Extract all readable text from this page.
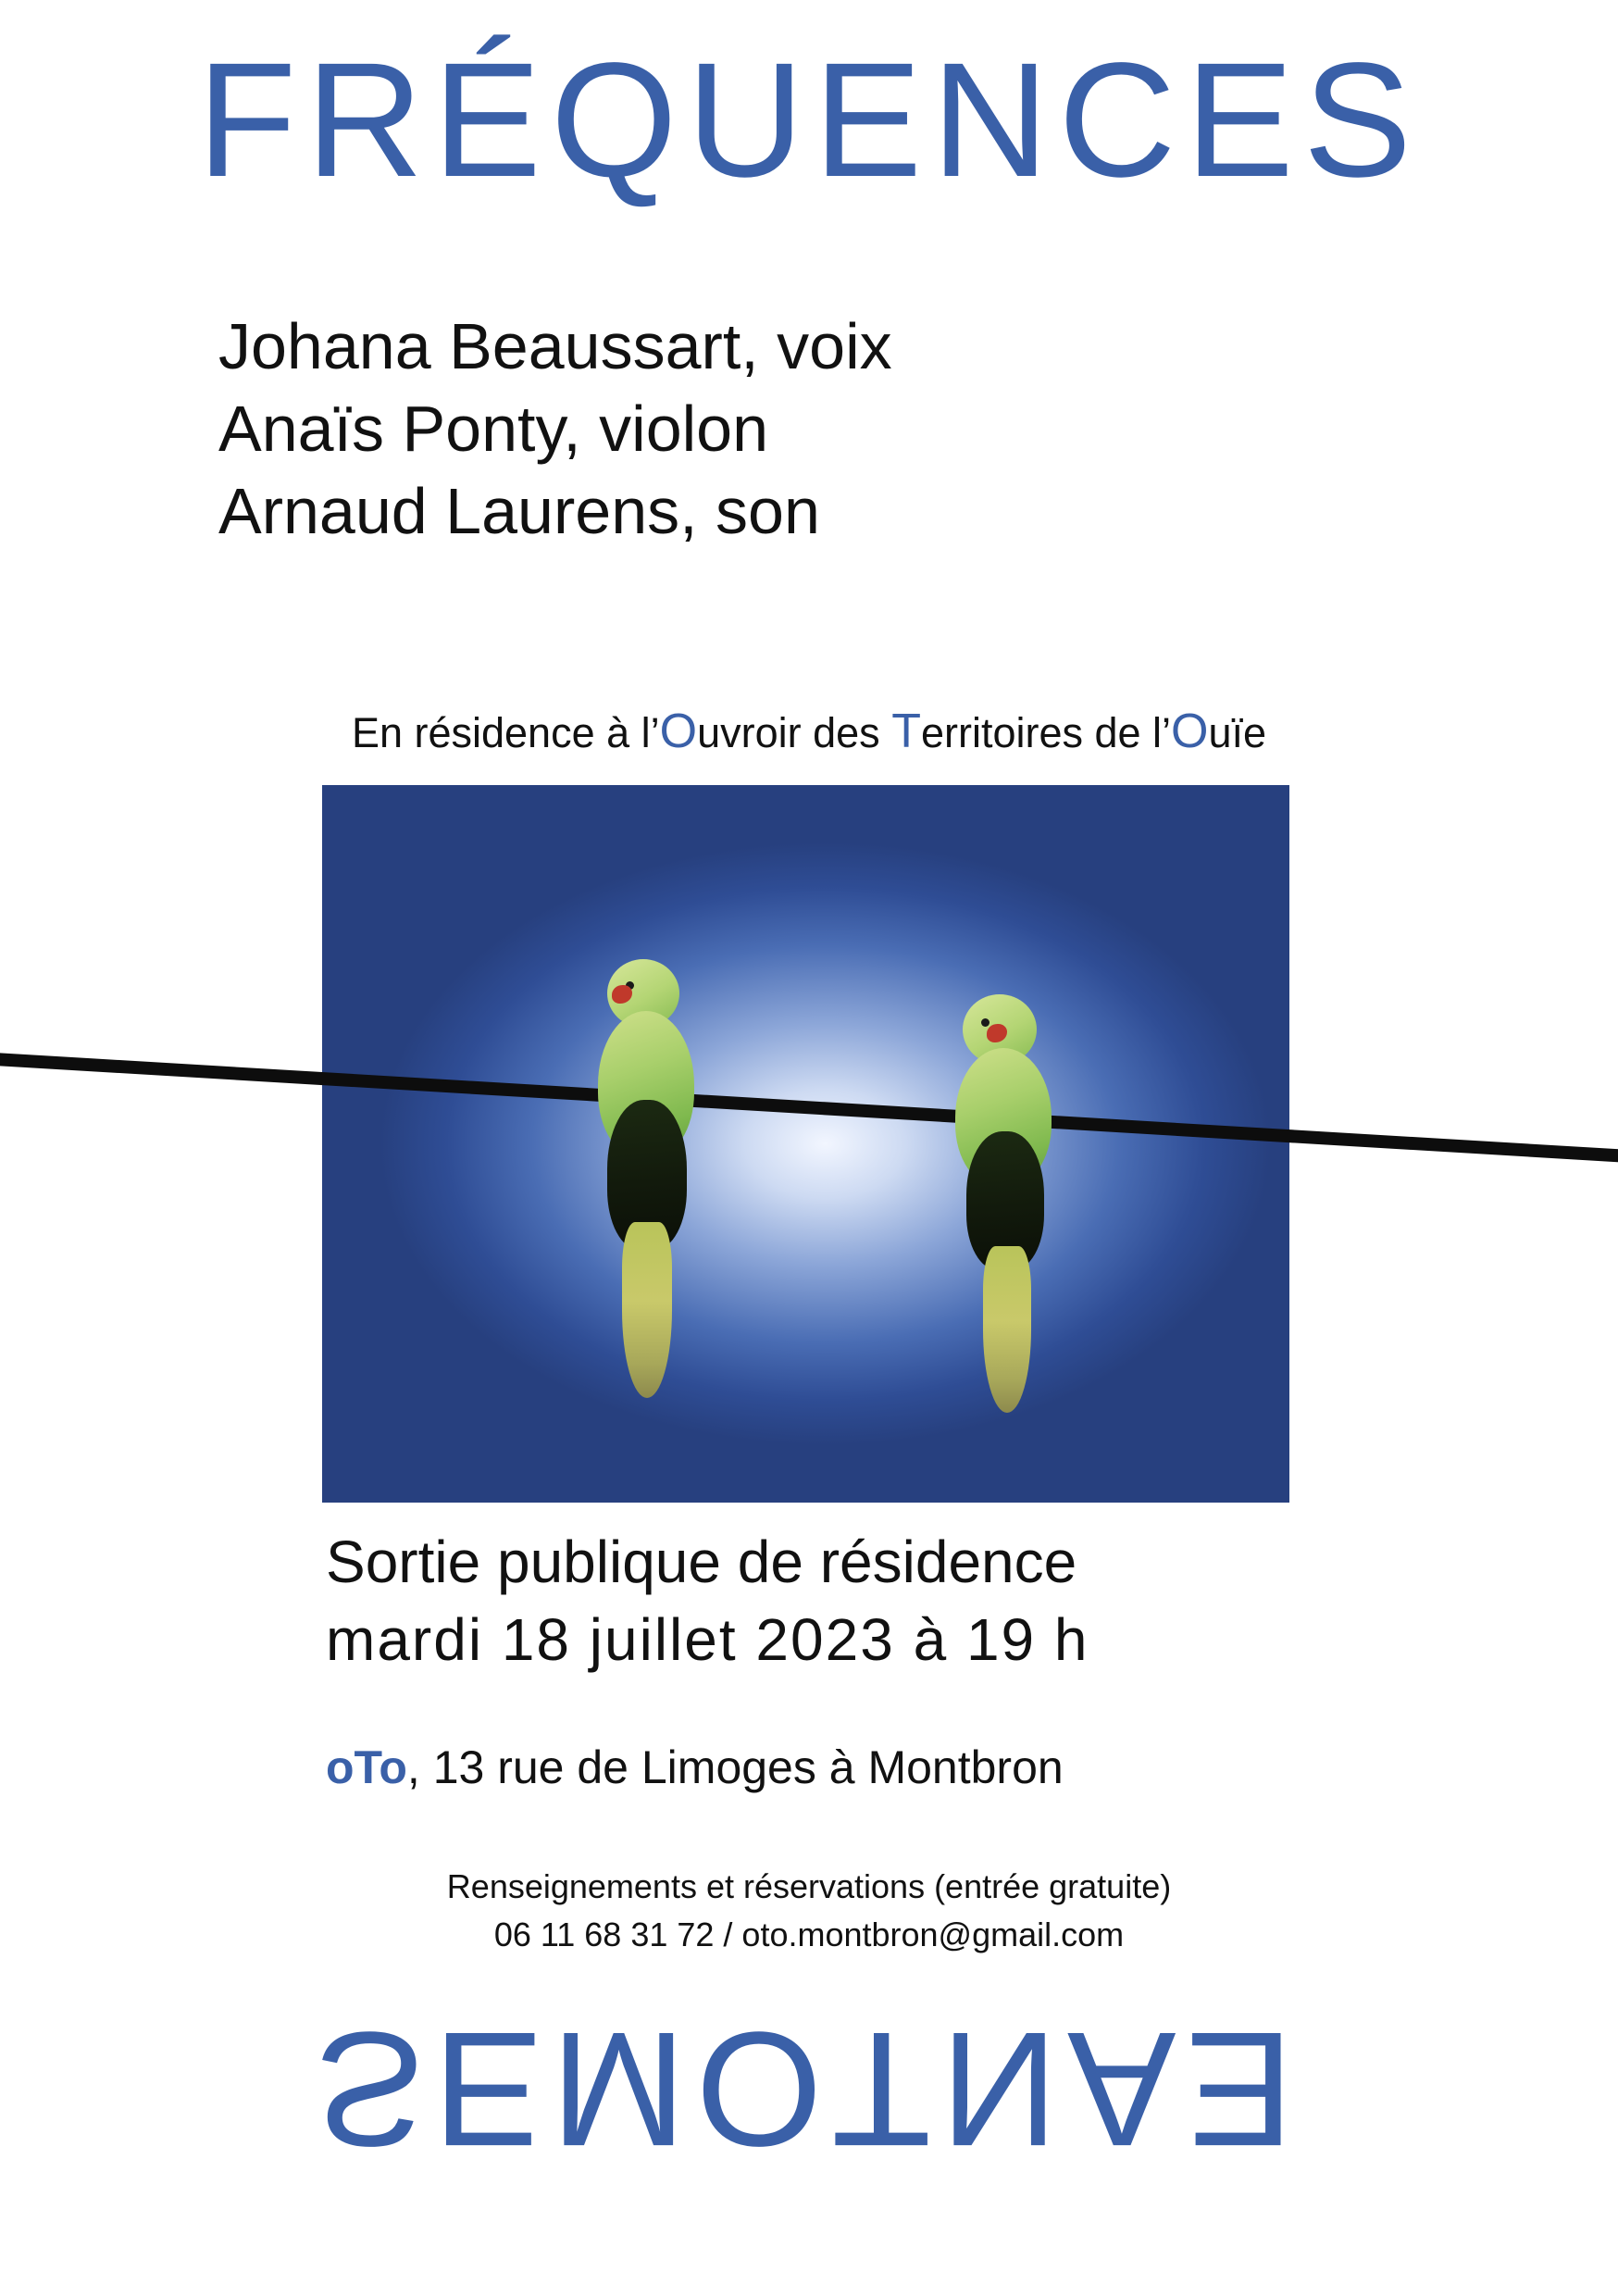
FRÉQUENCES
Johana Beaussart, voix
Anaïs Ponty, violon
Arnaud Laurens, son
En résidence à l’Ouvroir des Territoires de l’Ouïe
Sortie publique de résidence
mardi 18 juillet 2023 à 19 h
oTo, 13 rue de Limoges à Montbron
Renseignements et réservations (entrée gratuite)
06 11 68 31 72 / oto.montbron@gmail.com
SEMOTNAƎ
